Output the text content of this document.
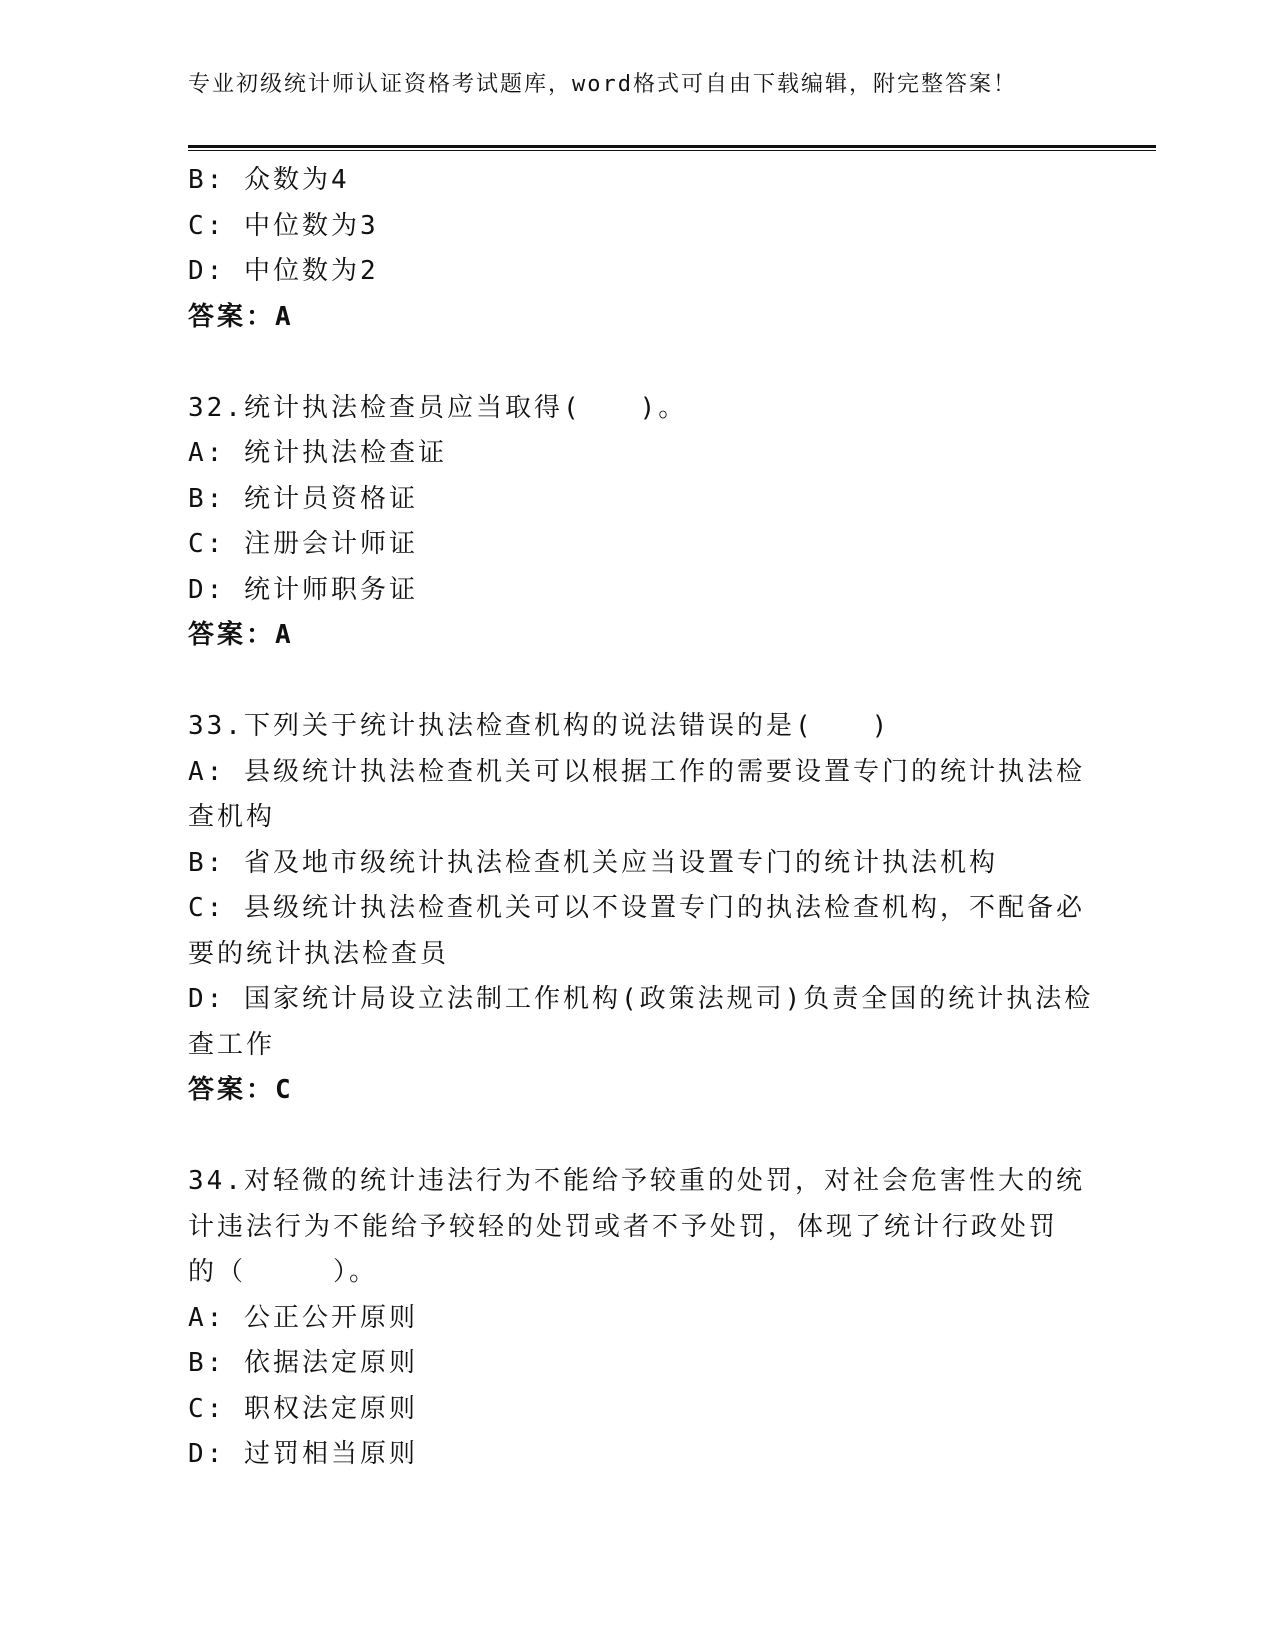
专业初级统计师认证资格考试题库，word格式可自由下载编辑，附完整答案！
B: 众数为4
C: 中位数为3
D: 中位数为2
答案：A
32.统计执法检查员应当取得(　　)。
A: 统计执法检查证
B: 统计员资格证
C: 注册会计师证
D: 统计师职务证
答案：A
33.下列关于统计执法检查机构的说法错误的是(　　)
A: 县级统计执法检查机关可以根据工作的需要设置专门的统计执法检
查机构
B: 省及地市级统计执法检查机关应当设置专门的统计执法机构
C: 县级统计执法检查机关可以不设置专门的执法检查机构，不配备必
要的统计执法检查员
D: 国家统计局设立法制工作机构(政策法规司)负责全国的统计执法检
查工作
答案：C
34.对轻微的统计违法行为不能给予较重的处罚，对社会危害性大的统
计违法行为不能给予较轻的处罚或者不予处罚，体现了统计行政处罚
的（　　　）。
A: 公正公开原则
B: 依据法定原则
C: 职权法定原则
D: 过罚相当原则
